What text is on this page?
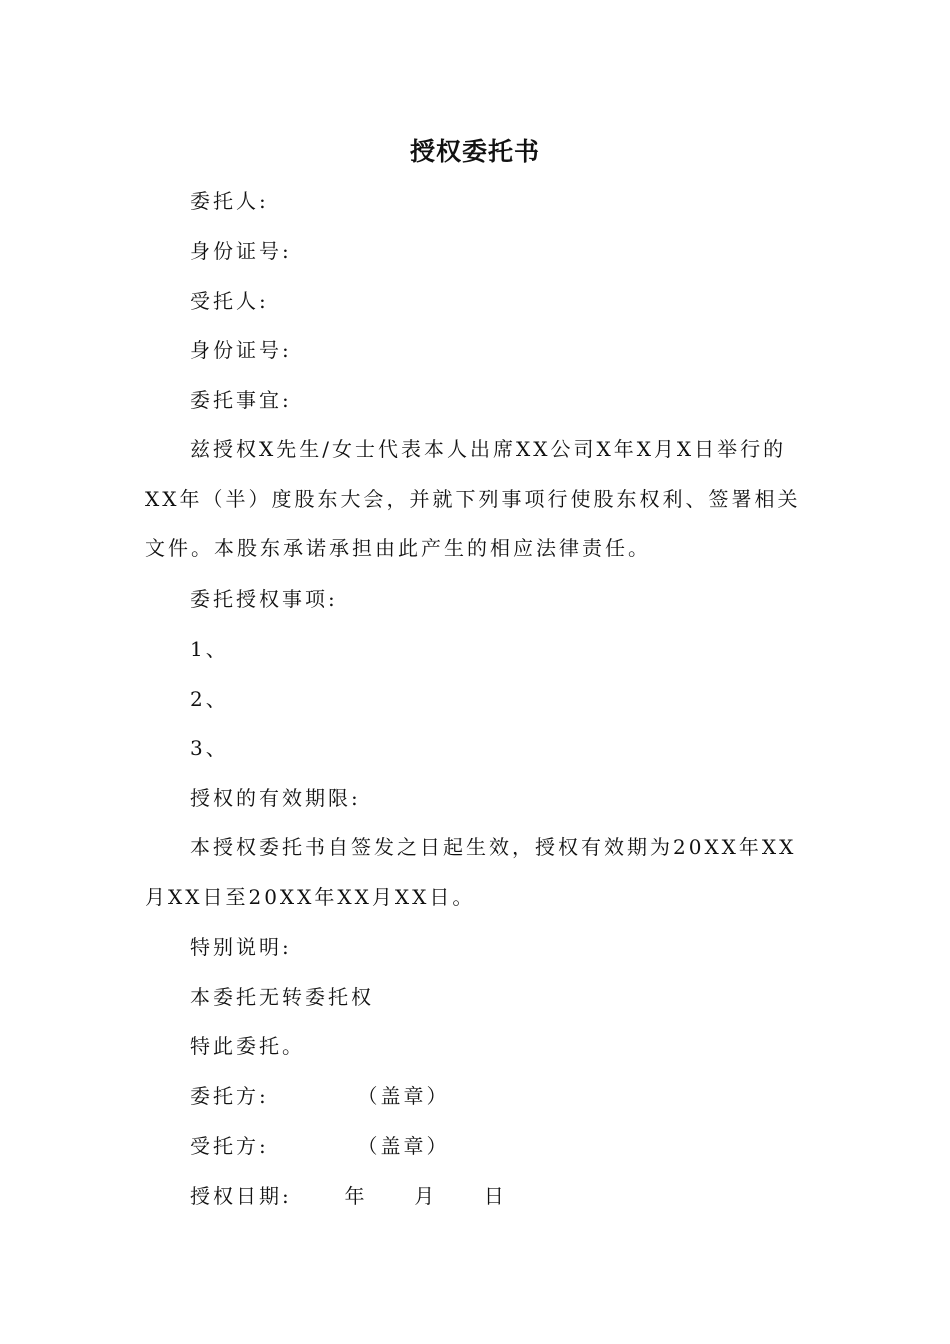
授权委托书
委托人:
身份证号:
受托人:
身份证号:
委托事宜:
兹授权X先生/女士代表本人出席XX公司X年X月X日举行的XX年（半）度股东大会，并就下列事项行使股东权利、签署相关文件。本股东承诺承担由此产生的相应法律责任。
委托授权事项:
1、
2、
3、
授权的有效期限:
本授权委托书自签发之日起生效，授权有效期为20XX年XX月XX日至20XX年XX月XX日。
特别说明:
本委托无转委托权
特此委托。
委托方:	（盖章）
受托方:	（盖章）
授权日期:	年 月 日
